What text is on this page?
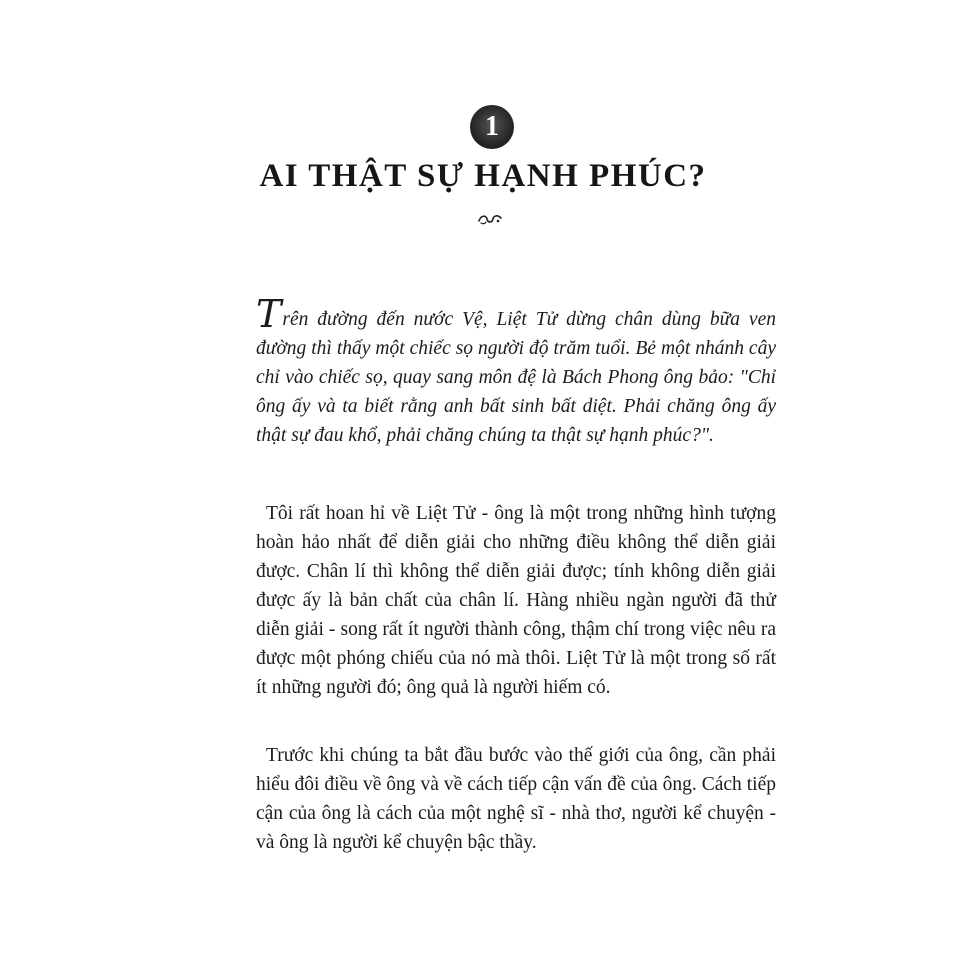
1
AI THẬT SỰ HẠNH PHÚC?

Trên đường đến nước Vệ, Liệt Tử dừng chân dùng bữa ven đường thì thấy một chiếc sọ người độ trăm tuổi. Bẻ một nhánh cây chỉ vào chiếc sọ, quay sang môn đệ là Bách Phong ông bảo: "Chỉ ông ấy và ta biết rằng anh bất sinh bất diệt. Phải chăng ông ấy thật sự đau khổ, phải chăng chúng ta thật sự hạnh phúc?".

Tôi rất hoan hỉ về Liệt Tử - ông là một trong những hình tượng hoàn hảo nhất để diễn giải cho những điều không thể diễn giải được. Chân lí thì không thể diễn giải được; tính không diễn giải được ấy là bản chất của chân lí. Hàng nhiều ngàn người đã thử diễn giải - song rất ít người thành công, thậm chí trong việc nêu ra được một phóng chiếu của nó mà thôi. Liệt Tử là một trong số rất ít những người đó; ông quả là người hiếm có.

Trước khi chúng ta bắt đầu bước vào thế giới của ông, cần phải hiểu đôi điều về ông và về cách tiếp cận vấn đề của ông. Cách tiếp cận của ông là cách của một nghệ sĩ - nhà thơ, người kể chuyện - và ông là người kể chuyện bậc thầy.
